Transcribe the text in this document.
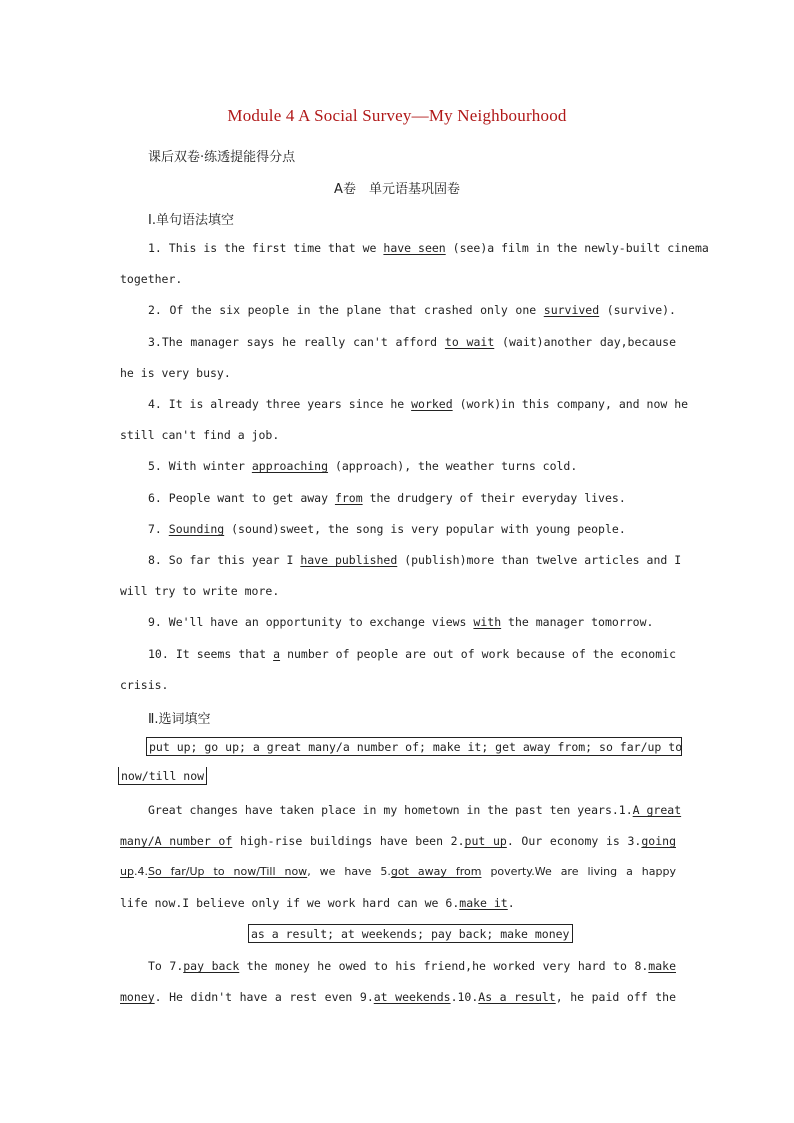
Module 4 A Social Survey—My Neighbourhood
课后双卷·练透提能得分点
A卷　单元语基巩固卷
Ⅰ.单句语法填空
1. This is the first time that we have seen (see)a film in the newly-built cinema
together.
2. Of the six people in the plane that crashed only one survived (survive).
3.The manager says he really can't afford to wait (wait)another day,because
he is very busy.
4. It is already three years since he worked (work)in this company, and now he
still can't find a job.
5. With winter approaching (approach), the weather turns cold.
6. People want to get away from the drudgery of their everyday lives.
7. Sounding (sound)sweet, the song is very popular with young people.
8. So far this year I have published (publish)more than twelve articles and I
will try to write more.
9. We'll have an opportunity to exchange views with the manager tomorrow.
10. It seems that a number of people are out of work because of the economic
crisis.
Ⅱ.选词填空
put up; go up; a great many/a number of; make it; get away from; so far/up to
now/till now
Great changes have taken place in my hometown in the past ten years.1.A great
many/A number of high-rise buildings have been 2.put up. Our economy is 3.going
up.4.So far/Up to now/Till now, we have 5.got away from poverty.We are living a happy
life now.I believe only if we work hard can we 6.make it.
as a result; at weekends; pay back; make money
To 7.pay back the money he owed to his friend,he worked very hard to 8.make
money. He didn't have a rest even 9.at weekends.10.As a result, he paid off the
